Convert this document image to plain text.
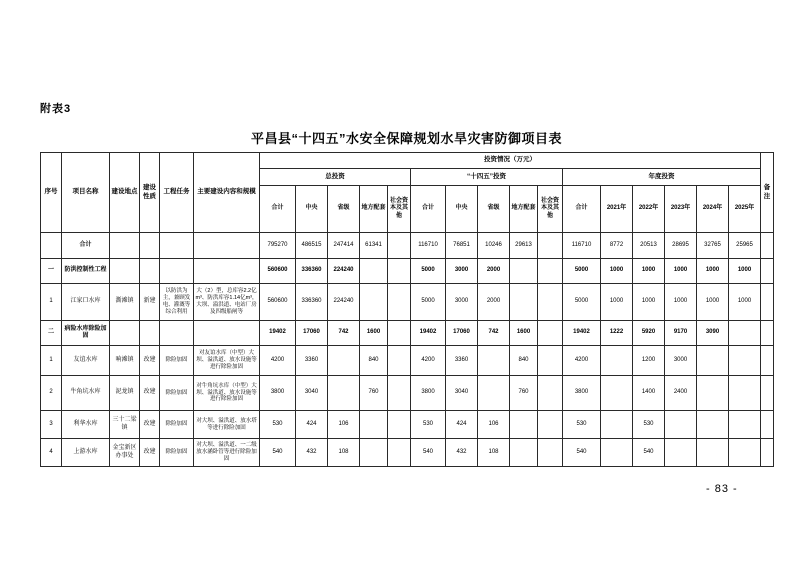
附表3
平昌县“十四五”水安全保障规划水旱灾害防御项目表
序号	项目名称	建设地点	建设性质	工程任务	主要建设内容和规模	投资情况（万元）																备注
						总投资					“十四五”投资					年度投资						
						合计	中央	省级	地方配套	社会资本及其他	合计	中央	省级	地方配套	社会资本及其他	合计	2021年	2022年	2023年	2024年	2025年	
	合计					795270	486515	247414	61341		116710	76851	10246	29613		116710	8772	20513	28695	32765	25965	
一	防洪控制性工程					560600	336360	224240			5000	3000	2000			5000	1000	1000	1000	1000	1000	
1	江家口水库	澌滩镇	新建	以防洪为主，兼顾发电、灌溉等综合利用	大（2）型，总库容2.2亿m³、防洪库容1.14亿m³，大坝、溢洪道、电站厂房及四级船闸等	560600	336360	224240			5000	3000	2000			5000	1000	1000	1000	1000	1000	
二	病险水库除险加固					19402	17060	742	1600		19402	17060	742	1600		19402	1222	5920	9170	3090		
1	友谊水库	响滩镇	改建	除险加固	对友谊水库（中型）大坝、溢洪道、放水设施等进行除险加固	4200	3360		840		4200	3360		840		4200		1200	3000			
2	牛角坑水库	泥龙镇	改建	除险加固	对牛角坑水库（中型）大坝、溢洪道、放水设施等进行除险加固	3800	3040		760		3800	3040		760		3800		1400	2400			
3	利华水库	三十二梁镇	改建	除险加固	对大坝、溢洪道、放水塔等进行除险加固	530	424	106			530	424	106			530		530				
4	上游水库	金宝新区办事处	改建	除险加固	对大坝、溢洪道、一二级放水涵卧管等进行除险加固	540	432	108			540	432	108			540		540				
- 83 -
